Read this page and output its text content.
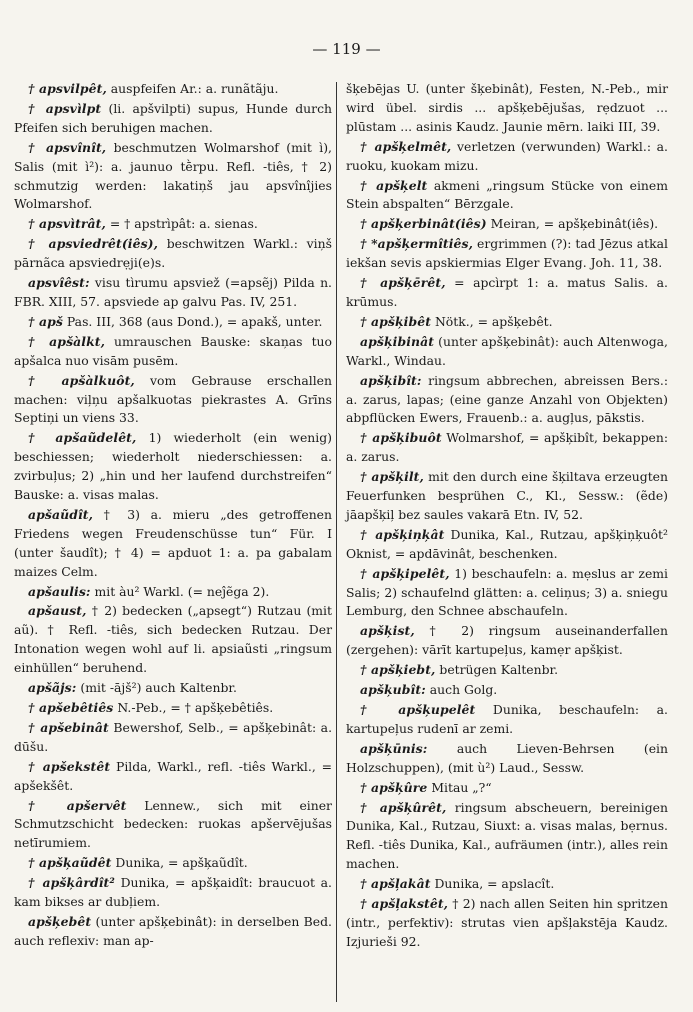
— 119 —

† apsvilpêt, auspfeifen Ar.: a. runãtãju.

† apsvìlpt (li. apšvilpti) supus, Hunde durch Pfeifen sich beruhigen machen.

† apsvînît, beschmutzen Wolmarshof (mit ì), Salis (mit ì²): a. jaunuo tḕrpu. Refl. -tiês, † 2) schmutzig werden: lakatiņš jau apsvînîjies Wolmarshof.

† apsvìtrât, = † apstrìpât: a. sienas.

† apsviedrêt(iês), beschwitzen Warkl.: viņš pārnãca apsviedrẹji(e)s.

apsvîêst: visu tìrumu apsviež (=apsẽj) Pilda n. FBR. XIII, 57. apsviede ap galvu Pas. IV, 251.

† apš Pas. III, 368 (aus Dond.), = apakš, unter.

† apšàlkt, umrauschen Bauske: skaņas tuo apšalca nuo visām pusēm.

† apšàlkuôt, vom Gebrause erschallen machen: viļņu apšalkuotas piekrastes A. Grīns Septiņi un viens 33.

† apšaũdelêt, 1) wiederholt (ein wenig) beschiessen; wiederholt niederschiessen: a. zvirbuļus; 2) „hin und her laufend durchstreifen“ Bauske: a. visas malas.

apšaũdît, † 3) a. mieru „des getroffenen Friedens wegen Freudenschüsse tun“ Für. I (unter šaudît); † 4) = apduot 1: a. pa gabalam maizes Celm.

apšaulis: mit àu² Warkl. (= neĵẽga 2).

apšaust, † 2) bedecken („apsegt“) Rutzau (mit aũ). † Refl. -tiês, sich bedecken Rutzau. Der Intonation wegen wohl auf li. apsiaũsti „ringsum einhüllen“ beruhend.

apšãjs: (mit -ājš²) auch Kaltenbr.

† apšebêtiês N.-Peb., = † apšķebêtiês.

† apšebinât Bewershof, Selb., = apšķebinât: a. dūšu.

† apšekstêt Pilda, Warkl., refl. -tiês Warkl., = apšekšêt.

† apšervêt Lennew., sich mit einer Schmutzschicht bedecken: ruokas apšervējušas netīrumiem.

† apšķaũdêt Dunika, = apšķaũdît.

† apšķârdît² Dunika, = apšķaidît: braucuot a. kam bikses ar dubļiem.

apšķebêt (unter apšķebinât): in derselben Bed. auch reflexiv: man ap-

šķebējas U. (unter šķebinât), Festen, N.-Peb., mir wird übel. sirdis ... apšķebējušas, rẹdzuot ... plūstam ... asinis Kaudz. Jaunie mērn. laiki III, 39.

† apšķelmêt, verletzen (verwunden) Warkl.: a. ruoku, kuokam mizu.

† apšķelt akmeni „ringsum Stücke von einem Stein abspalten“ Bērzgale.

† apšķerbinât(iês) Meiran, = apšķebinât(iês).

† *apšķermîtiês, ergrimmen (?): tad Jēzus atkal iekšan sevis apskiermias Elger Evang. Joh. 11, 38.

† apšķērêt, = apcìrpt 1: a. matus Salis. a. krūmus.

† apšķibêt Nötk., = apšķebêt.

apšķibinât (unter apšķebinât): auch Altenwoga, Warkl., Windau.

apšķibît: ringsum abbrechen, abreissen Bers.: a. zarus, lapas; (eine ganze Anzahl von Objekten) abpflücken Ewers, Frauenb.: a. augļus, pākstis.

† apšķibuôt Wolmarshof, = apšķibît, bekappen: a. zarus.

† apšķilt, mit den durch eine šķiltava erzeugten Feuerfunken besprühen C., Kl., Sessw.: (ẽde) jāapšķiļ bez saules vakarā Etn. IV, 52.

† apšķiņķât Dunika, Kal., Rutzau, apšķiņķuôt² Oknist, = apdāvinât, beschenken.

† apšķipelêt, 1) beschaufeln: a. mẹslus ar zemi Salis; 2) schaufelnd glätten: a. celiņus; 3) a. sniegu Lemburg, den Schnee abschaufeln.

apšķist, † 2) ringsum auseinanderfallen (zergehen): vārīt kartupeļus, kamẹr apšķist.

† apšķiebt, betrügen Kaltenbr.

apšķubît: auch Golg.

† apšķupelêt Dunika, beschaufeln: a. kartupeļus rudenī ar zemi.

apšķūnis: auch Lieven-Behrsen (ein Holzschuppen), (mit ù²) Laud., Sessw.

† apšķûre Mitau „?“

† apšķûrêt, ringsum abscheuern, bereinigen Dunika, Kal., Rutzau, Siuxt: a. visas malas, bẹrnus. Refl. -tiês Dunika, Kal., aufräumen (intr.), alles rein machen.

† apšļakât Dunika, = apslacît.

† apšļakstêt, † 2) nach allen Seiten hin spritzen (intr., perfektiv): strutas vien apšļakstēja Kaudz. Izjurieši 92.
